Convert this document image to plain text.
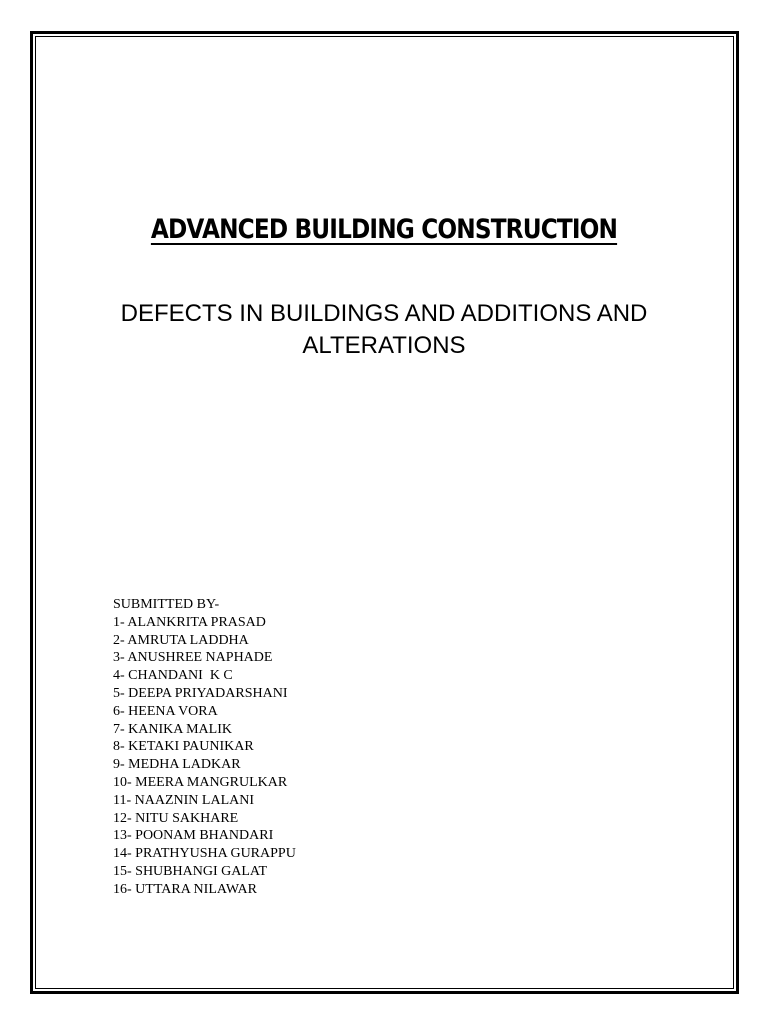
ADVANCED BUILDING CONSTRUCTION
DEFECTS IN BUILDINGS AND ADDITIONS AND
ALTERATIONS
SUBMITTED BY-
1- ALANKRITA PRASAD
2- AMRUTA LADDHA
3- ANUSHREE NAPHADE
4- CHANDANI  K C
5- DEEPA PRIYADARSHANI
6- HEENA VORA
7- KANIKA MALIK
8- KETAKI PAUNIKAR
9- MEDHA LADKAR
10- MEERA MANGRULKAR
11- NAAZNIN LALANI
12- NITU SAKHARE
13- POONAM BHANDARI
14- PRATHYUSHA GURAPPU
15- SHUBHANGI GALAT
16- UTTARA NILAWAR
